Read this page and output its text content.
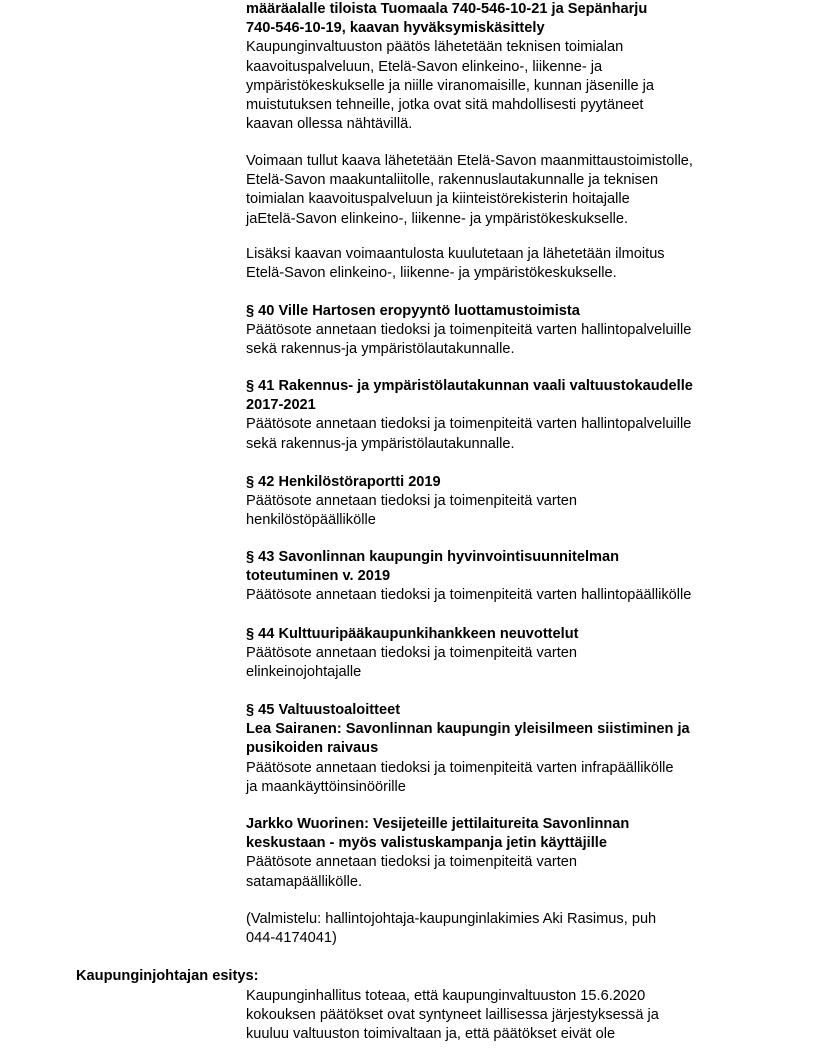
määräalalle tiloista Tuomaala 740-546-10-21 ja Sepänharju
740-546-10-19, kaavan hyväksymiskäsittely

Kaupunginvaltuuston päätös lähetetään teknisen toimialan
kaavoituspalveluun, Etelä-Savon elinkeino-, liikenne- ja
ympäristökeskukselle ja niille viranomaisille, kunnan jäsenille ja
muistutuksen tehneille, jotka ovat sitä mahdollisesti pyytäneet
kaavan ollessa nähtävillä.

Voimaan tullut kaava lähetetään Etelä-Savon maanmittaustoimistolle,
Etelä-Savon maakuntaliitolle, rakennuslautakunnalle ja teknisen
toimialan kaavoituspalveluun ja kiinteistörekisterin hoitajalle
jaEtelä-Savon elinkeino-, liikenne- ja ympäristökeskukselle.

Lisäksi kaavan voimaantulosta kuulutetaan ja lähetetään ilmoitus
Etelä-Savon elinkeino-, liikenne- ja ympäristökeskukselle.

§ 40 Ville Hartosen eropyyntö luottamustoimista

Päätösote annetaan tiedoksi ja toimenpiteitä varten hallintopalveluille
sekä rakennus-ja ympäristölautakunnalle.

§ 41 Rakennus- ja ympäristölautakunnan vaali valtuustokaudelle
2017-2021

Päätösote annetaan tiedoksi ja toimenpiteitä varten hallintopalveluille
sekä rakennus-ja ympäristölautakunnalle.

§ 42 Henkilöstöraportti 2019

Päätösote annetaan tiedoksi ja toimenpiteitä varten
henkilöstöpäällikölle

§ 43 Savonlinnan kaupungin hyvinvointisuunnitelman
toteutuminen v. 2019

Päätösote annetaan tiedoksi ja toimenpiteitä varten hallintopäällikölle

§ 44 Kulttuuripääkaupunkihankkeen neuvottelut

Päätösote annetaan tiedoksi ja toimenpiteitä varten
elinkeinojohtajalle

§ 45 Valtuustoaloitteet

Lea Sairanen: Savonlinnan kaupungin yleisilmeen siistiminen ja
pusikoiden raivaus

Päätösote annetaan tiedoksi ja toimenpiteitä varten infrapäällikölle
ja maankäyttöinsinöörille

Jarkko Wuorinen: Vesijeteille jettilaitureita Savonlinnan
keskustaan - myös valistuskampanja jetin käyttäjille

Päätösote annetaan tiedoksi ja toimenpiteitä varten
satamapäällikölle.

(Valmistelu: hallintojohtaja-kaupunginlakimies Aki Rasimus, puh
044-4174041)

Kaupunginhallitus toteaa, että kaupunginvaltuuston 15.6.2020
kokouksen päätökset ovat syntyneet laillisessa järjestyksessä ja
kuuluu valtuuston toimivaltaan ja, että päätökset eivät ole

Kaupunginjohtajan esitys:
